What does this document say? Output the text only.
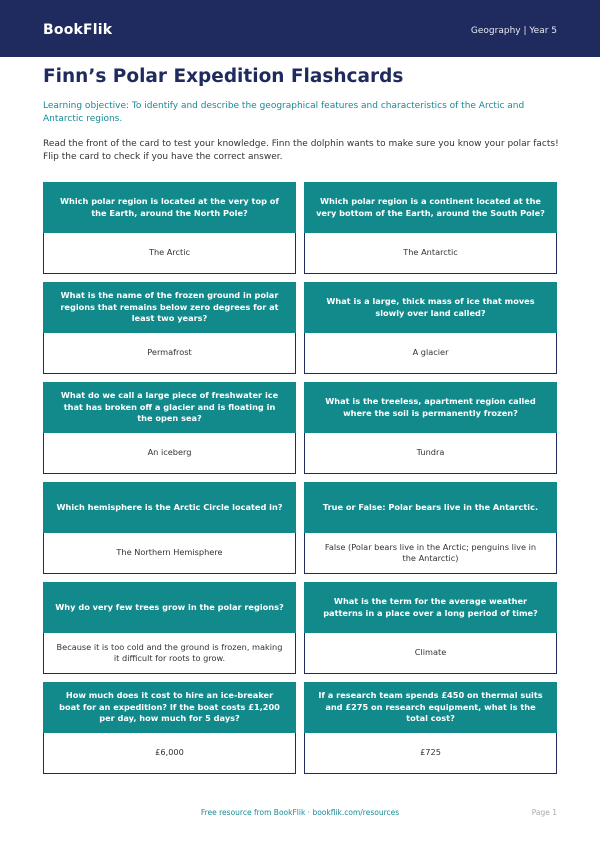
BookFlik	Geography | Year 5
Finn’s Polar Expedition Flashcards

Learning objective: To identify and describe the geographical features and characteristics of the Arctic and Antarctic regions.

Read the front of the card to test your knowledge. Finn the dolphin wants to make sure you know your polar facts! Flip the card to check if you have the correct answer.

Which polar region is located at the very top of the Earth, around the North Pole?
The Arctic
Which polar region is a continent located at the very bottom of the Earth, around the South Pole?
The Antarctic
What is the name of the frozen ground in polar regions that remains below zero degrees for at least two years?
Permafrost
What is a large, thick mass of ice that moves slowly over land called?
A glacier
What do we call a large piece of freshwater ice that has broken off a glacier and is floating in the open sea?
An iceberg
What is the treeless, apartment region called where the soil is permanently frozen?
Tundra
Which hemisphere is the Arctic Circle located in?
The Northern Hemisphere
True or False: Polar bears live in the Antarctic.
False (Polar bears live in the Arctic; penguins live in the Antarctic)
Why do very few trees grow in the polar regions?
Because it is too cold and the ground is frozen, making it difficult for roots to grow.
What is the term for the average weather patterns in a place over a long period of time?
Climate
How much does it cost to hire an ice-breaker boat for an expedition? If the boat costs £1,200 per day, how much for 5 days?
£6,000
If a research team spends £450 on thermal suits and £275 on research equipment, what is the total cost?
£725
Free resource from BookFlik · bookflik.com/resources	Page 1
